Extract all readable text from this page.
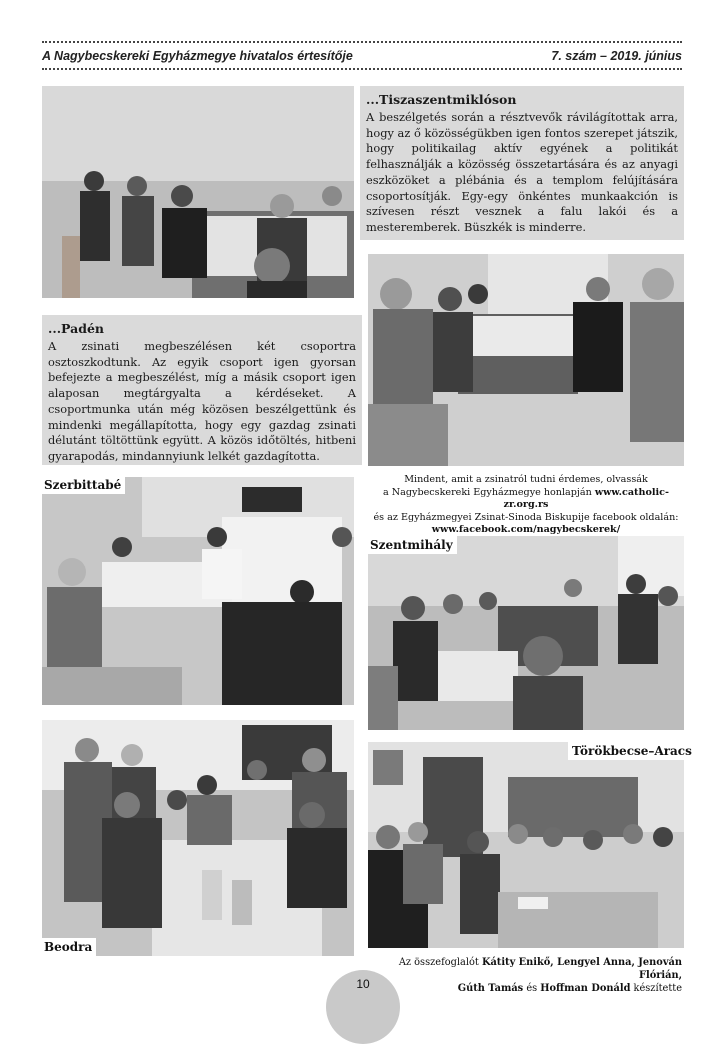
A Nagybecskereki Egyházmegye hivatalos értesítője	7. szám – 2019. június

...Tiszaszentmiklóson

A beszélgetés során a résztvevők rávilágítottak arra, hogy az ő közösségükben igen fontos szerepet játszik, hogy politikailag aktív egyének a politikát felhasználják a közösség összetartására és az anyagi eszközöket a plébánia és a templom felújítására csoportosítják. Egy-egy önkéntes munkaakción is szívesen részt vesznek a falu lakói és a mesteremberek. Büszkék is minderre.

...Padén

A zsinati megbeszélésen két csoportra osztoszkodtunk. Az egyik csoport igen gyorsan befejezte a megbeszélést, míg a másik csoport igen alaposan megtárgyalta a kérdéseket. A csoportmunka után még közösen beszélgettünk és mindenki megállapította, hogy egy gazdag zsinati délutánt töltöttünk együtt. A közös időtöltés, hitbeni gyarapodás, mindannyiunk lelkét gazdagította.

Szerbittabé	Mindent, amit a zsinatról tudni érdemes, olvassák
a Nagybecskereki Egyházmegye honlapján www.catholic-zr.org.rs
és az Egyházmegyei Zsinat-Sinoda Biskupije facebook oldalán:
www.facebook.com/nagybecskerek/
Szentmihály
Beodra
Törökbecse–Aracs
Az összefoglalót Kátity Enikő, Lengyel Anna, Jenován Flórián,
Gúth Tamás és Hoffman Donáld készítette
10
